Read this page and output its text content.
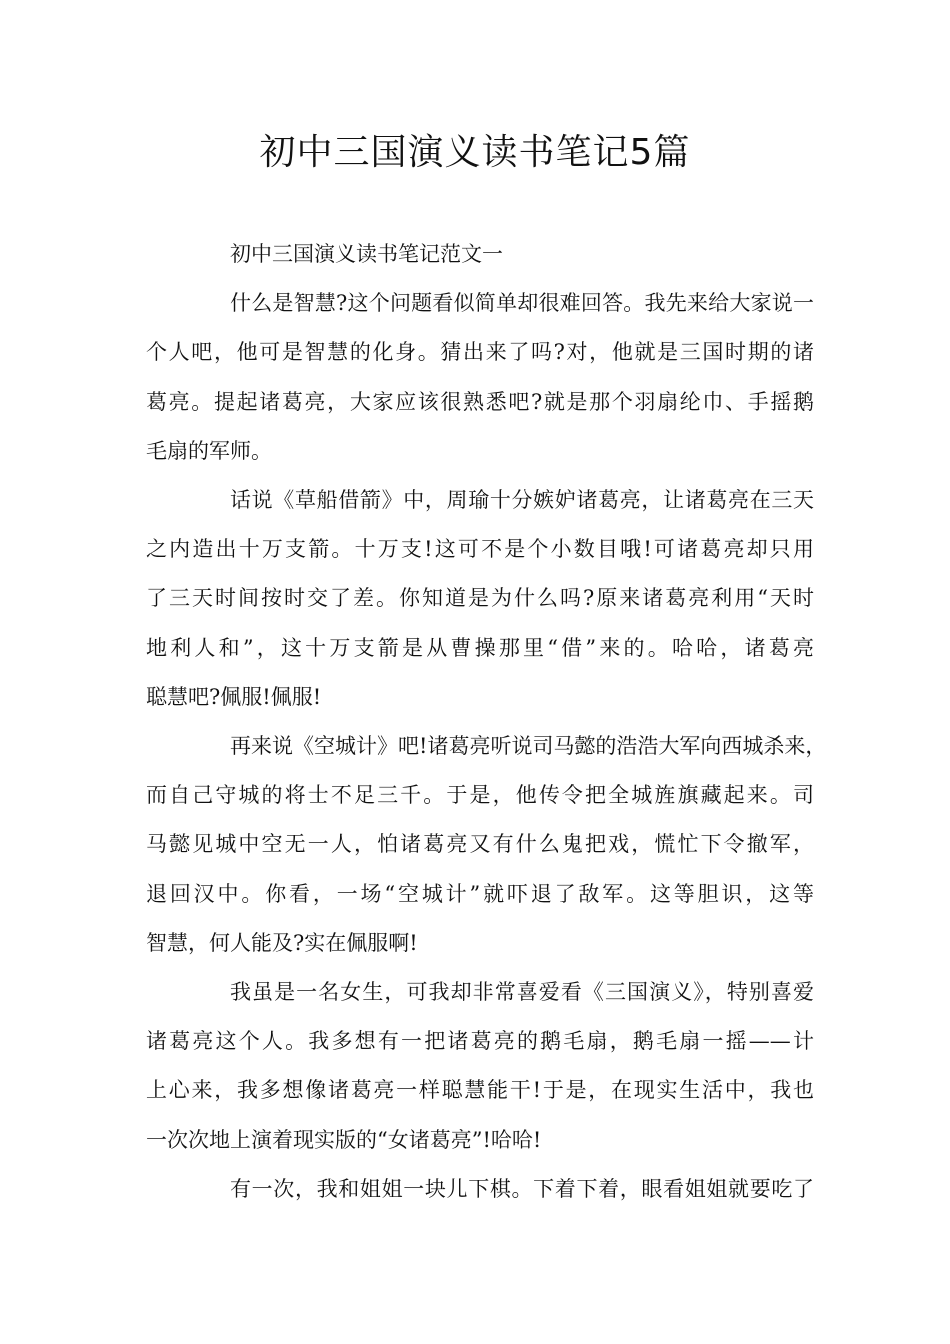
初中三国演义读书笔记5篇

初中三国演义读书笔记范文一

什么是智慧?这个问题看似简单却很难回答。我先来给大家说一
个人吧，他可是智慧的化身。猜出来了吗?对，他就是三国时期的诸
葛亮。提起诸葛亮，大家应该很熟悉吧?就是那个羽扇纶巾、手摇鹅
毛扇的军师。

话说《草船借箭》中，周瑜十分嫉妒诸葛亮，让诸葛亮在三天
之内造出十万支箭。十万支!这可不是个小数目哦!可诸葛亮却只用
了三天时间按时交了差。你知道是为什么吗?原来诸葛亮利用“天时
地利人和”，这十万支箭是从曹操那里“借”来的。哈哈，诸葛亮
聪慧吧?佩服!佩服!

再来说《空城计》吧!诸葛亮听说司马懿的浩浩大军向西城杀来，
而自己守城的将士不足三千。于是，他传令把全城旌旗藏起来。司
马懿见城中空无一人，怕诸葛亮又有什么鬼把戏，慌忙下令撤军，
退回汉中。你看，一场“空城计”就吓退了敌军。这等胆识，这等
智慧，何人能及?实在佩服啊!

我虽是一名女生，可我却非常喜爱看《三国演义》，特别喜爱
诸葛亮这个人。我多想有一把诸葛亮的鹅毛扇，鹅毛扇一摇——计
上心来，我多想像诸葛亮一样聪慧能干!于是，在现实生活中，我也
一次次地上演着现实版的“女诸葛亮”!哈哈!

有一次，我和姐姐一块儿下棋。下着下着，眼看姐姐就要吃了
